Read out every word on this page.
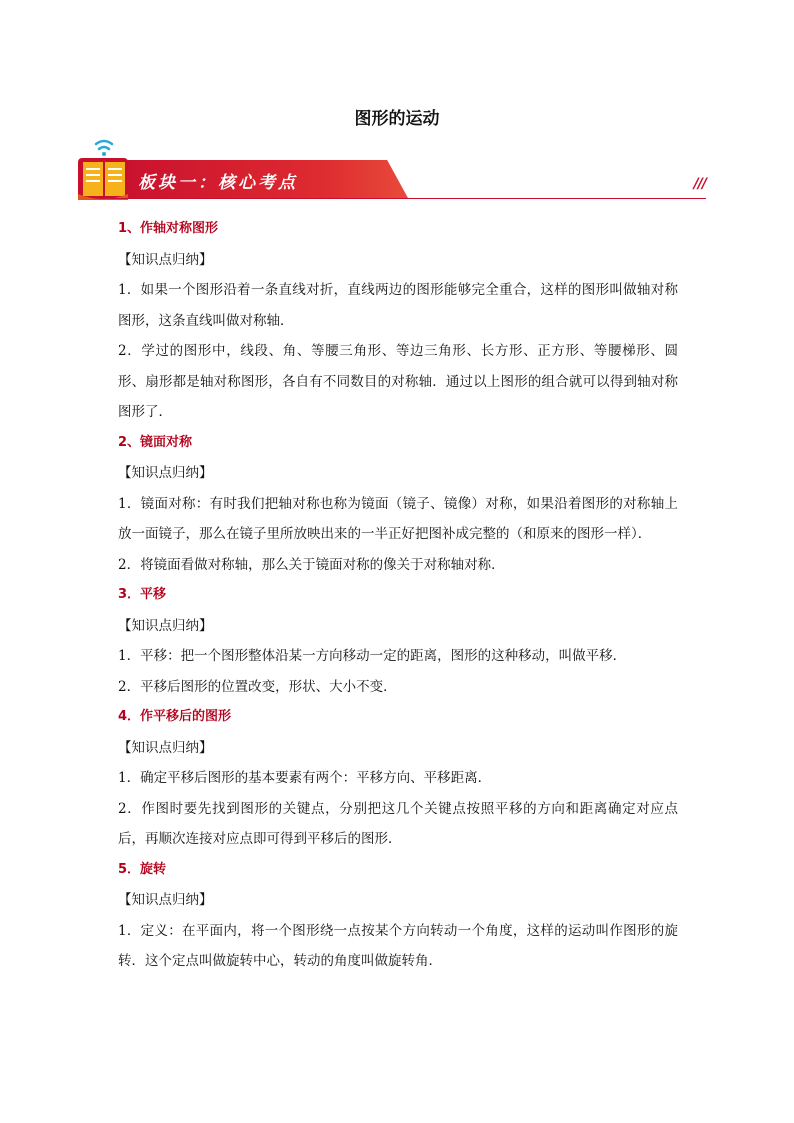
图形的运动
板块一：核心考点	///

1、作轴对称图形

【知识点归纳】

1．如果一个图形沿着一条直线对折，直线两边的图形能够完全重合，这样的图形叫做轴对称图形，这条直线叫做对称轴．

2．学过的图形中，线段、角、等腰三角形、等边三角形、长方形、正方形、等腰梯形、圆形、扇形都是轴对称图形，各自有不同数目的对称轴．通过以上图形的组合就可以得到轴对称图形了．

2、镜面对称

【知识点归纳】

1．镜面对称：有时我们把轴对称也称为镜面（镜子、镜像）对称，如果沿着图形的对称轴上放一面镜子，那么在镜子里所放映出来的一半正好把图补成完整的（和原来的图形一样）．

2．将镜面看做对称轴，那么关于镜面对称的像关于对称轴对称．

3．平移

【知识点归纳】

1．平移：把一个图形整体沿某一方向移动一定的距离，图形的这种移动，叫做平移．

2．平移后图形的位置改变，形状、大小不变．

4．作平移后的图形

【知识点归纳】

1．确定平移后图形的基本要素有两个：平移方向、平移距离．

2．作图时要先找到图形的关键点，分别把这几个关键点按照平移的方向和距离确定对应点后，再顺次连接对应点即可得到平移后的图形．

5．旋转

【知识点归纳】

1．定义：在平面内，将一个图形绕一点按某个方向转动一个角度，这样的运动叫作图形的旋转．这个定点叫做旋转中心，转动的角度叫做旋转角．
